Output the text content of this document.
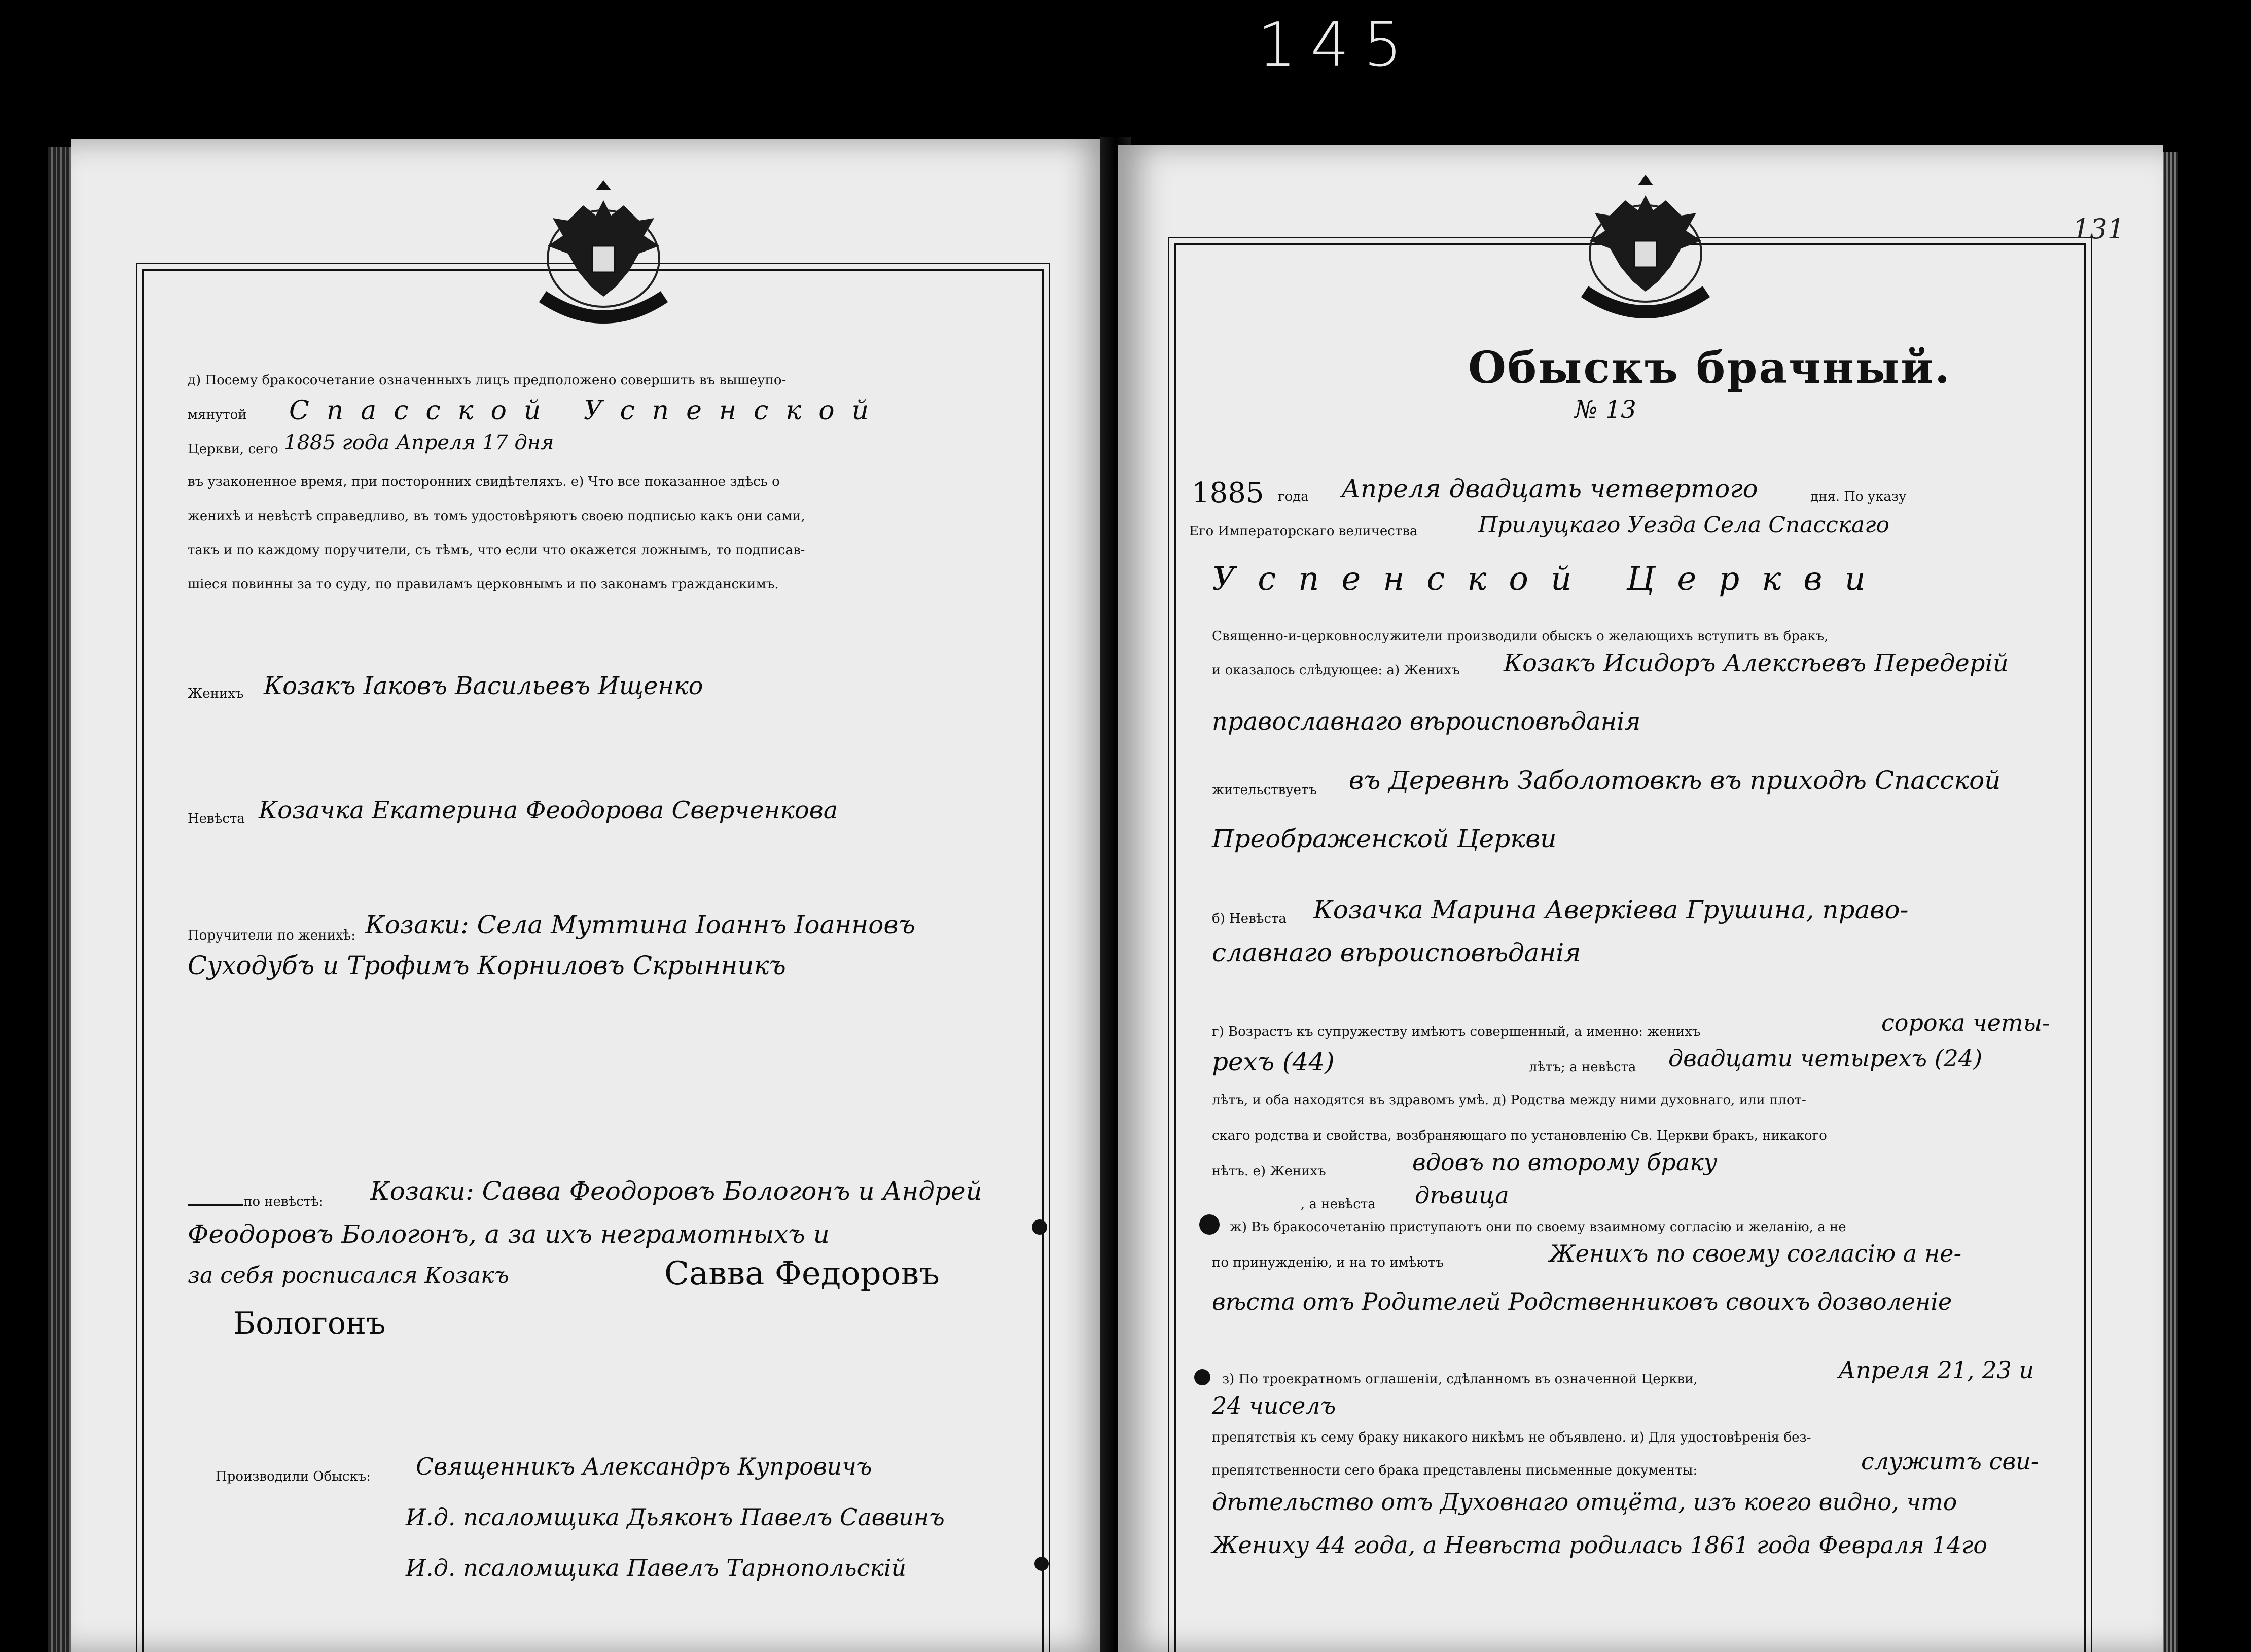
145
д) Посему бракосочетание означенныхъ лицъ предположено совершить въ вышеупо-
мянутой Спасской Успенской
Церкви, сего 1885 года Апреля 17 дня
въ узаконенное время, при посторонних свидѣтеляхъ. е) Что все показанное здѣсь о
женихѣ и невѣстѣ справедливо, въ томъ удостовѣряютъ своею подписью какъ они сами,
такъ и по каждому поручители, съ тѣмъ, что если что окажется ложнымъ, то подписав-
шiеся повинны за то суду, по правиламъ церковнымъ и по законамъ гражданскимъ.
Женихъ Козакъ Iаковъ Васильевъ Ищенко
Невѣста Козачка Екатерина Феодорова Сверченкова
Поручители по женихѣ: Козаки: Села Муттина Iоаннъ Iоанновъ
Суходубъ и Трофимъ Корниловъ Скрынникъ
по невѣстѣ: Козаки: Савва Феодоровъ Бологонъ и Андрей
Феодоровъ Бологонъ, а за ихъ неграмотныхъ и
за себя росписался Козакъ	Савва Федоровъ
Бологонъ
Производили Обыскъ: Священникъ Александръ Купровичъ
И.д. псаломщика Дьяконъ Павелъ Саввинъ
И.д. псаломщика Павелъ Тарнопольскiй
131
Обыскъ брачный.
№ 13
1885 года Апреля двадцать четвертого	дня. По указу
Его Императорскаго величества	Прилуцкаго Уезда Села Спасскаго
Успенской Церкви
Священно-и-церковнослужители производили обыскъ о желающихъ вступить въ бракъ,
и оказалось слѣдующее: а) Женихъ Козакъ Исидоръ Алексѣевъ Передерiй
православнаго вѣроисповѣданiя
жительствуетъ въ Деревнѣ Заболотовкѣ въ приходѣ Спасской
Преображенской Церкви
б) Невѣста Козачка Марина Аверкiева Грушина, право-
славнаго вѣроисповѣданiя
г) Возрастъ къ супружеству имѣютъ совершенный, а именно: женихъ	сорока четы-
рехъ (44)	лѣтъ; а невѣста двадцати четырехъ (24)
лѣтъ, и оба находятся въ здравомъ умѣ. д) Родства между ними духовнаго, или плот-
скаго родства и свойства, возбраняющаго по установленiю Св. Церкви бракъ, никакого
нѣтъ. е) Женихъ	вдовъ по второму браку
, а невѣста дѣвица
ж) Въ бракосочетанiю приступаютъ они по своему взаимному согласiю и желанiю, а не
по принужденiю, и на то имѣютъ	Женихъ по своему согласiю а не-
вѣста отъ Родителей Родственниковъ своихъ дозволенiе
з) По троекратномъ оглашенiи, сдѣланномъ въ означенной Церкви,	Апреля 21, 23 и
24 чиселъ
препятствiя къ сему браку никакого никѣмъ не объявлено. и) Для удостовѣренiя без-
препятственности сего брака представлены письменные документы:	служитъ сви-
дѣтельство отъ Духовнаго отцёта, изъ коего видно, что
Жениху 44 года, а Невѣста родилась 1861 года Февраля 14го
